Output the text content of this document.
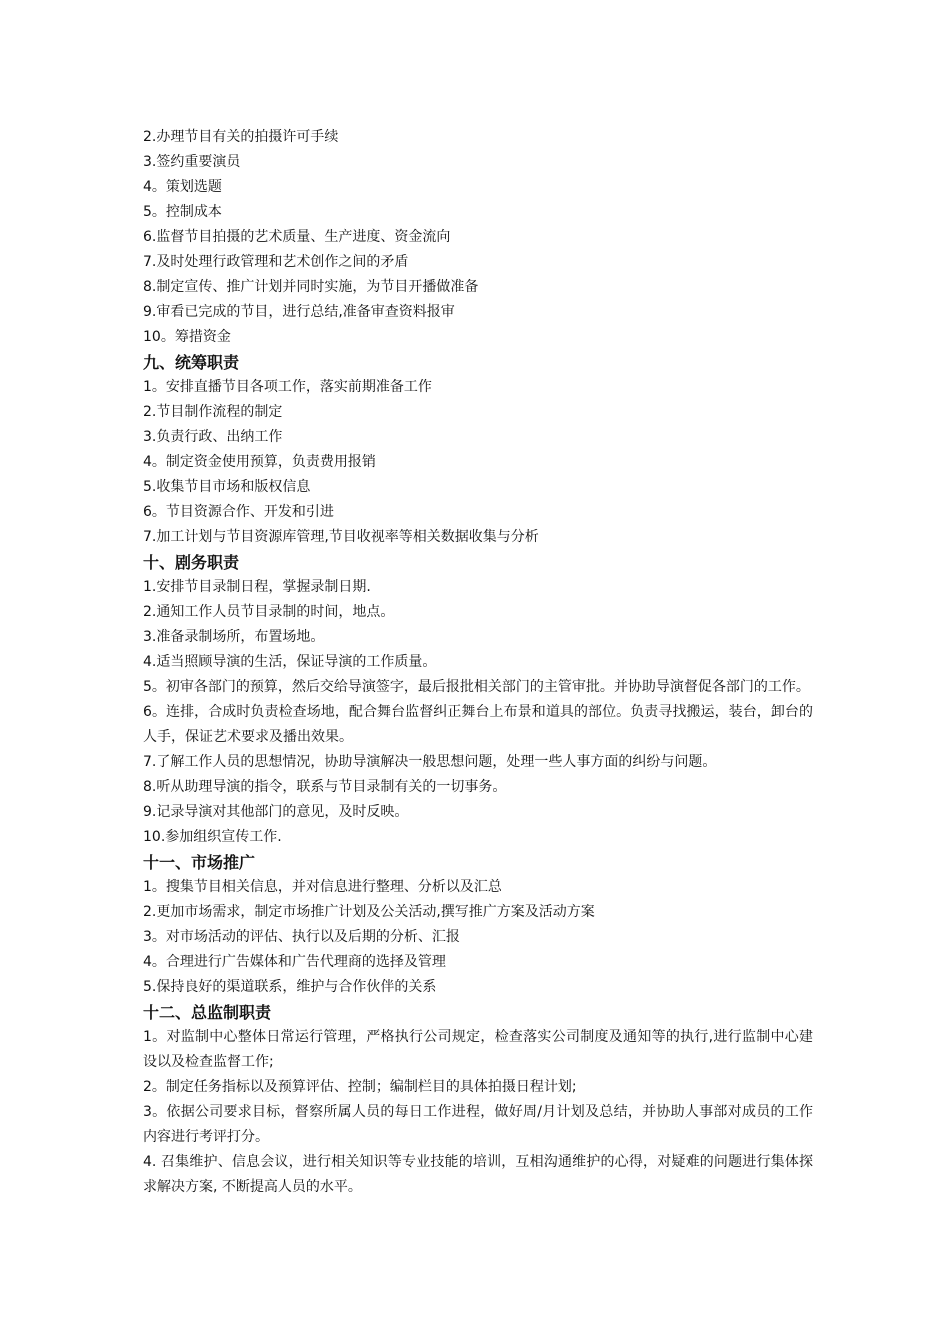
2.办理节目有关的拍摄许可手续
3.签约重要演员
4。策划选题
5。控制成本
6.监督节目拍摄的艺术质量、生产进度、资金流向
7.及时处理行政管理和艺术创作之间的矛盾
8.制定宣传、推广计划并同时实施，为节目开播做准备
9.审看已完成的节目，进行总结,准备审查资料报审
10。筹措资金
九、统筹职责
1。安排直播节目各项工作，落实前期准备工作
2.节目制作流程的制定
3.负责行政、出纳工作
4。制定资金使用预算，负责费用报销
5.收集节目市场和版权信息
6。节目资源合作、开发和引进
7.加工计划与节目资源库管理,节目收视率等相关数据收集与分析
十、剧务职责
1.安排节目录制日程，掌握录制日期.
2.通知工作人员节目录制的时间，地点。
3.准备录制场所，布置场地。
4.适当照顾导演的生活，保证导演的工作质量。
5。初审各部门的预算，然后交给导演签字，最后报批相关部门的主管审批。并协助导演督促各部门的工作。
6。连排，合成时负责检查场地，配合舞台监督纠正舞台上布景和道具的部位。负责寻找搬运，装台，卸台的人手，保证艺术要求及播出效果。
7.了解工作人员的思想情况，协助导演解决一般思想问题，处理一些人事方面的纠纷与问题。
8.听从助理导演的指令，联系与节目录制有关的一切事务。
9.记录导演对其他部门的意见，及时反映。
10.参加组织宣传工作.
十一、市场推广
1。搜集节目相关信息，并对信息进行整理、分析以及汇总
2.更加市场需求，制定市场推广计划及公关活动,撰写推广方案及活动方案
3。对市场活动的评估、执行以及后期的分析、汇报
4。合理进行广告媒体和广告代理商的选择及管理
5.保持良好的渠道联系，维护与合作伙伴的关系
十二、总监制职责
1。对监制中心整体日常运行管理，严格执行公司规定，检查落实公司制度及通知等的执行,进行监制中心建设以及检查监督工作;
2。制定任务指标以及预算评估、控制；编制栏目的具体拍摄日程计划;
3。依据公司要求目标，督察所属人员的每日工作进程，做好周/月计划及总结，并协助人事部对成员的工作内容进行考评打分。
4. 召集维护、信息会议，进行相关知识等专业技能的培训，互相沟通维护的心得，对疑难的问题进行集体探求解决方案, 不断提高人员的水平。
